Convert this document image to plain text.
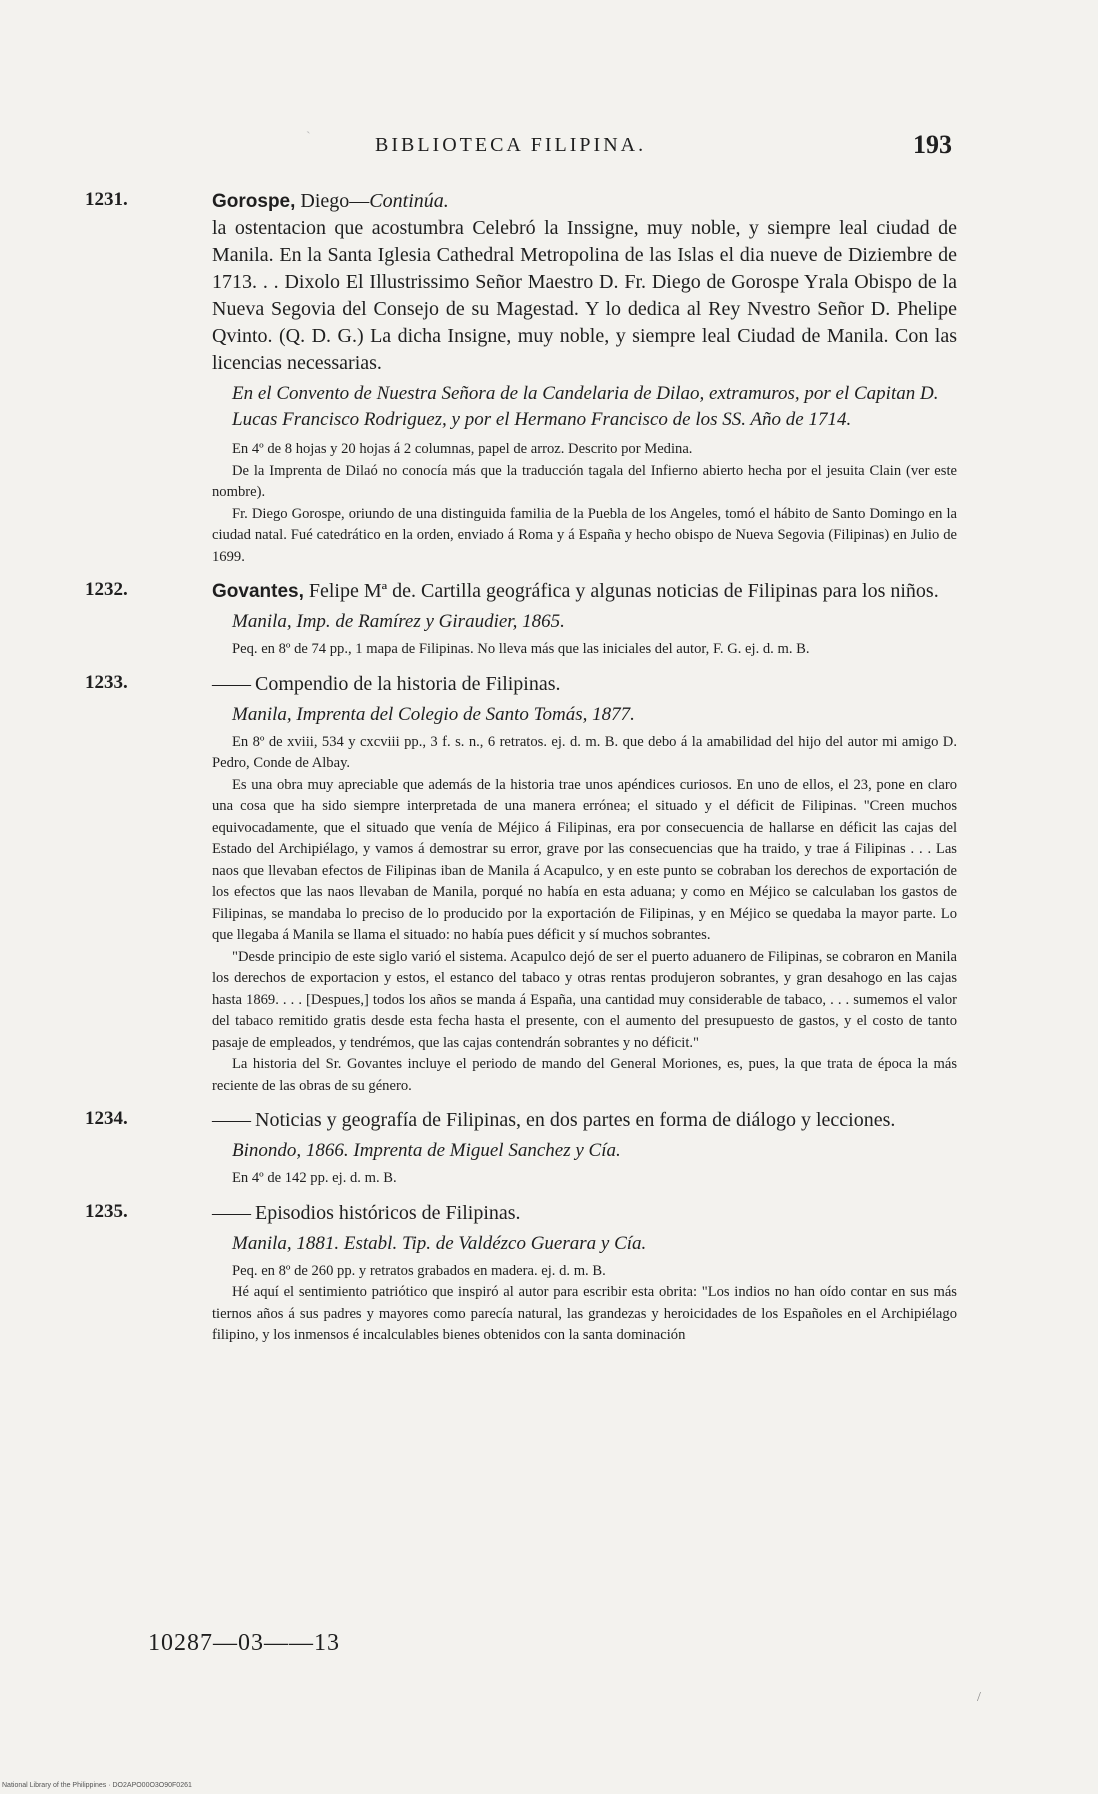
`	BIBLIOTECA FILIPINA.	193
1231.	Gorospe, Diego—Continúa.

la ostentacion que acostumbra Celebró la Inssigne, muy noble, y siempre leal ciudad de Manila. En la Santa Iglesia Cathedral Metropolina de las Islas el dia nueve de Diziembre de 1713. . . Dixolo El Illustrissimo Señor Maestro D. Fr. Diego de Gorospe Yrala Obispo de la Nueva Segovia del Consejo de su Magestad. Y lo dedica al Rey Nvestro Señor D. Phelipe Qvinto. (Q. D. G.) La dicha Insigne, muy noble, y siempre leal Ciudad de Manila. Con las licencias necessarias.

En el Convento de Nuestra Señora de la Candelaria de Dilao, extramuros, por el Capitan D. Lucas Francisco Rodriguez, y por el Hermano Francisco de los SS. Año de 1714.

En 4º de 8 hojas y 20 hojas á 2 columnas, papel de arroz. Descrito por Medina.

De la Imprenta de Dilaó no conocía más que la traducción tagala del Infierno abierto hecha por el jesuita Clain (ver este nombre).

Fr. Diego Gorospe, oriundo de una distinguida familia de la Puebla de los Angeles, tomó el hábito de Santo Domingo en la ciudad natal. Fué catedrático en la orden, enviado á Roma y á España y hecho obispo de Nueva Segovia (Filipinas) en Julio de 1699.

1232.	Govantes, Felipe Mª de. Cartilla geográfica y algunas noticias de Filipinas para los niños.

Manila, Imp. de Ramírez y Giraudier, 1865.

Peq. en 8º de 74 pp., 1 mapa de Filipinas. No lleva más que las iniciales del autor, F. G. ej. d. m. B.

1233.	—— Compendio de la historia de Filipinas.

Manila, Imprenta del Colegio de Santo Tomás, 1877.

En 8º de xviii, 534 y cxcviii pp., 3 f. s. n., 6 retratos. ej. d. m. B. que debo á la amabilidad del hijo del autor mi amigo D. Pedro, Conde de Albay.

Es una obra muy apreciable que además de la historia trae unos apéndices curiosos. En uno de ellos, el 23, pone en claro una cosa que ha sido siempre interpretada de una manera errónea; el situado y el déficit de Filipinas. "Creen muchos equivocadamente, que el situado que venía de Méjico á Filipinas, era por consecuencia de hallarse en déficit las cajas del Estado del Archipiélago, y vamos á demostrar su error, grave por las consecuencias que ha traido, y trae á Filipinas . . . Las naos que llevaban efectos de Filipinas iban de Manila á Acapulco, y en este punto se cobraban los derechos de exportación de los efectos que las naos llevaban de Manila, porqué no había en esta aduana; y como en Méjico se calculaban los gastos de Filipinas, se mandaba lo preciso de lo producido por la exportación de Filipinas, y en Méjico se quedaba la mayor parte. Lo que llegaba á Manila se llama el situado: no había pues déficit y sí muchos sobrantes.

"Desde principio de este siglo varió el sistema. Acapulco dejó de ser el puerto aduanero de Filipinas, se cobraron en Manila los derechos de exportacion y estos, el estanco del tabaco y otras rentas produjeron sobrantes, y gran desahogo en las cajas hasta 1869. . . . [Despues,] todos los años se manda á España, una cantidad muy considerable de tabaco, . . . sumemos el valor del tabaco remitido gratis desde esta fecha hasta el presente, con el aumento del presupuesto de gastos, y el costo de tanto pasaje de empleados, y tendrémos, que las cajas contendrán sobrantes y no déficit."

La historia del Sr. Govantes incluye el periodo de mando del General Moriones, es, pues, la que trata de época la más reciente de las obras de su género.

1234.	—— Noticias y geografía de Filipinas, en dos partes en forma de diálogo y lecciones.

Binondo, 1866. Imprenta de Miguel Sanchez y Cía.

En 4º de 142 pp. ej. d. m. B.

1235.	—— Episodios históricos de Filipinas.

Manila, 1881. Establ. Tip. de Valdézco Guerara y Cía.

Peq. en 8º de 260 pp. y retratos grabados en madera. ej. d. m. B.

Hé aquí el sentimiento patriótico que inspiró al autor para escribir esta obrita: "Los indios no han oído contar en sus más tiernos años á sus padres y mayores como parecía natural, las grandezas y heroicidades de los Españoles en el Archipiélago filipino, y los inmensos é incalculables bienes obtenidos con la santa dominación

10287—03——13
/
National Library of the Philippines · DO2APO00O3O90F0261
